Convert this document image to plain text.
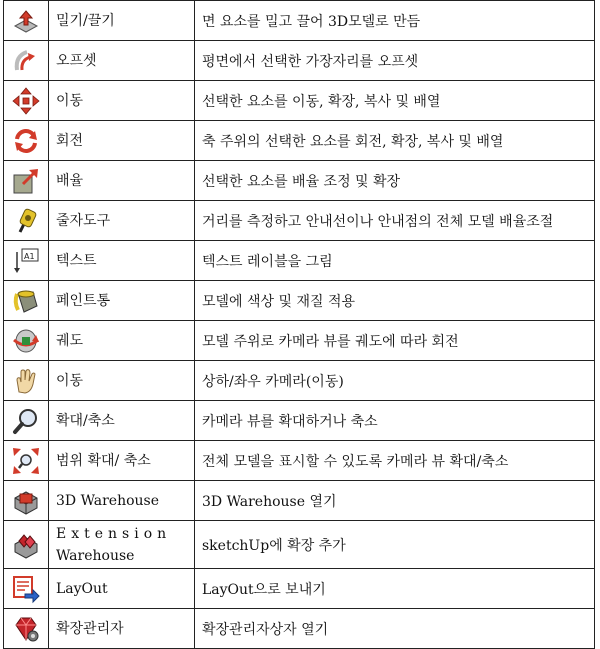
	밀기/끌기	면 요소를 밀고 끌어 3D모델로 만듬

	오프셋	평면에서 선택한 가장자리를 오프셋

	이동	선택한 요소를 이동, 확장, 복사 및 배열

	회전	축 주위의 선택한 요소를 회전, 확장, 복사 및 배열

	배율	선택한 요소를 배율 조정 및 확장

	줄자도구	거리를 측정하고 안내선이나 안내점의 전체 모델 배율조절

A1	텍스트	텍스트 레이블을 그림

	페인트통	모델에 색상 및 재질 적용

	궤도	모델 주위로 카메라 뷰를 궤도에 따라 회전

	이동	상하/좌우 카메라(이동)

	확대/축소	카메라 뷰를 확대하거나 축소

	범위 확대/ 축소	전체 모델을 표시할 수 있도록 카메라 뷰 확대/축소

	3D Warehouse	3D Warehouse 열기

Extension
Warehouse	sketchUp에 확장 추가

	LayOut	LayOut으로 보내기

	확장관리자	확장관리자상자 열기
